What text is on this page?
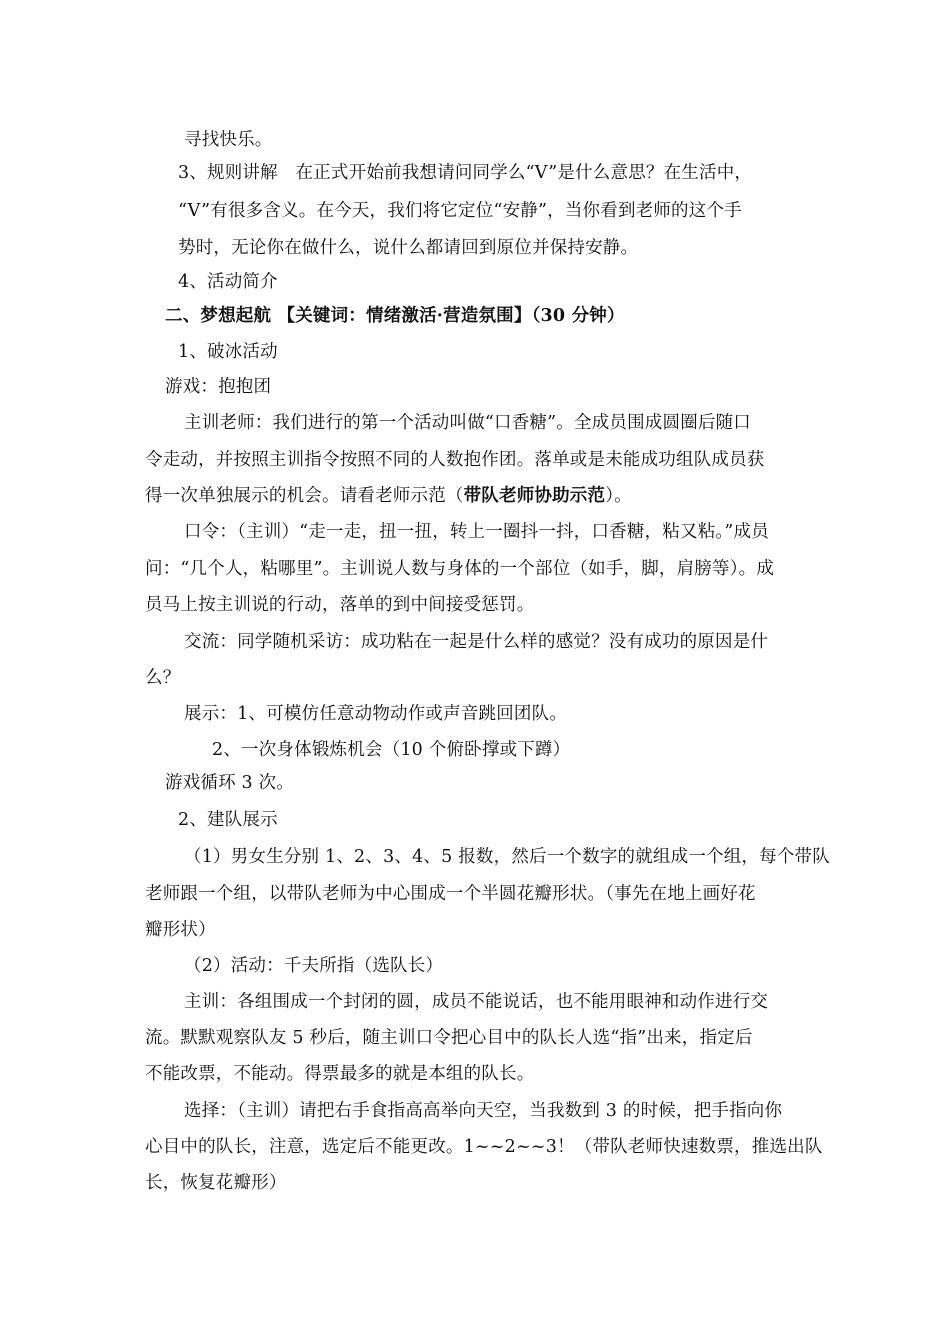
寻找快乐。
3、规则讲解　在正式开始前我想请问同学么“V”是什么意思？在生活中，
“V”有很多含义。在今天，我们将它定位“安静”，当你看到老师的这个手
势时，无论你在做什么，说什么都请回到原位并保持安静。
4、活动简介
二、梦想起航 【关键词：情绪激活·营造氛围】（30 分钟）
1、破冰活动
游戏：抱抱团
主训老师：我们进行的第一个活动叫做“口香糖”。全成员围成圆圈后随口
令走动，并按照主训指令按照不同的人数抱作团。落单或是未能成功组队成员获
得一次单独展示的机会。请看老师示范（带队老师协助示范）。
口令：（主训）“走一走，扭一扭，转上一圈抖一抖，口香糖，粘又粘。”成员
问：“几个人，粘哪里”。主训说人数与身体的一个部位（如手，脚，肩膀等）。成
员马上按主训说的行动，落单的到中间接受惩罚。
交流：同学随机采访：成功粘在一起是什么样的感觉？没有成功的原因是什
么？
展示：1、可模仿任意动物动作或声音跳回团队。
2、一次身体锻炼机会（10 个俯卧撑或下蹲）
游戏循环 3 次。
2、建队展示
（1）男女生分别 1、2、3、4、5 报数，然后一个数字的就组成一个组，每个带队
老师跟一个组，以带队老师为中心围成一个半圆花瓣形状。（事先在地上画好花
瓣形状）
（2）活动：千夫所指（选队长）
主训：各组围成一个封闭的圆，成员不能说话，也不能用眼神和动作进行交
流。默默观察队友 5 秒后，随主训口令把心目中的队长人选“指”出来，指定后
不能改票，不能动。得票最多的就是本组的队长。
选择：（主训）请把右手食指高高举向天空，当我数到 3 的时候，把手指向你
心目中的队长，注意，选定后不能更改。1~~2~~3！（带队老师快速数票，推选出队
长，恢复花瓣形）
